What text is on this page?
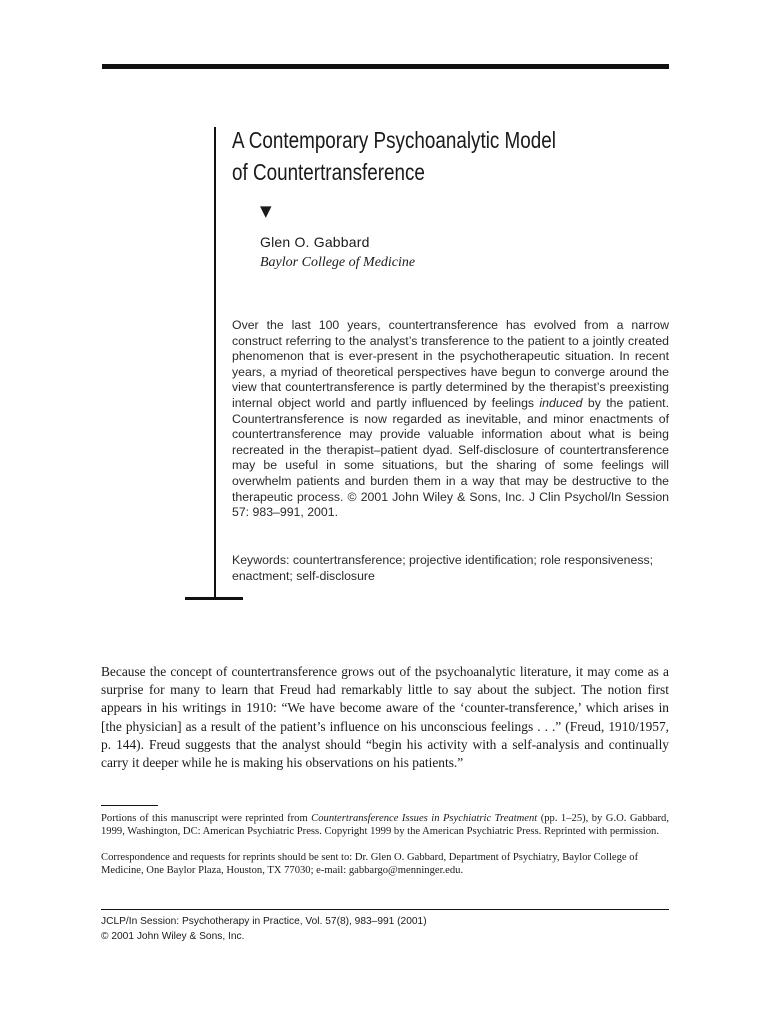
A Contemporary Psychoanalytic Model
of Countertransference
▼
Glen O. Gabbard
Baylor College of Medicine

Over the last 100 years, countertransference has evolved from a narrow construct referring to the analyst’s transference to the patient to a jointly created phenomenon that is ever-present in the psychotherapeutic situation. In recent years, a myriad of theoretical perspectives have begun to converge around the view that countertransference is partly determined by the therapist’s preexisting internal object world and partly influenced by feelings induced by the patient. Countertransference is now regarded as inevitable, and minor enactments of countertransference may provide valuable information about what is being recreated in the therapist–patient dyad. Self-disclosure of countertransference may be useful in some situations, but the sharing of some feelings will overwhelm patients and burden them in a way that may be destructive to the therapeutic process. © 2001 John Wiley & Sons, Inc. J Clin Psychol/In Session 57: 983–991, 2001.

Keywords: countertransference; projective identification; role responsiveness; enactment; self-disclosure

Because the concept of countertransference grows out of the psychoanalytic literature, it may come as a surprise for many to learn that Freud had remarkably little to say about the subject. The notion first appears in his writings in 1910: “We have become aware of the ‘counter-transference,’ which arises in [the physician] as a result of the patient’s influence on his unconscious feelings . . .” (Freud, 1910/1957, p. 144). Freud suggests that the analyst should “begin his activity with a self-analysis and continually carry it deeper while he is making his observations on his patients.”

Portions of this manuscript were reprinted from Countertransference Issues in Psychiatric Treatment (pp. 1–25), by G.O. Gabbard, 1999, Washington, DC: American Psychiatric Press. Copyright 1999 by the American Psychiatric Press. Reprinted with permission.

Correspondence and requests for reprints should be sent to: Dr. Glen O. Gabbard, Department of Psychiatry, Baylor College of Medicine, One Baylor Plaza, Houston, TX 77030; e-mail: gabbargo@menninger.edu.

JCLP/In Session: Psychotherapy in Practice, Vol. 57(8), 983–991 (2001)
© 2001 John Wiley & Sons, Inc.
